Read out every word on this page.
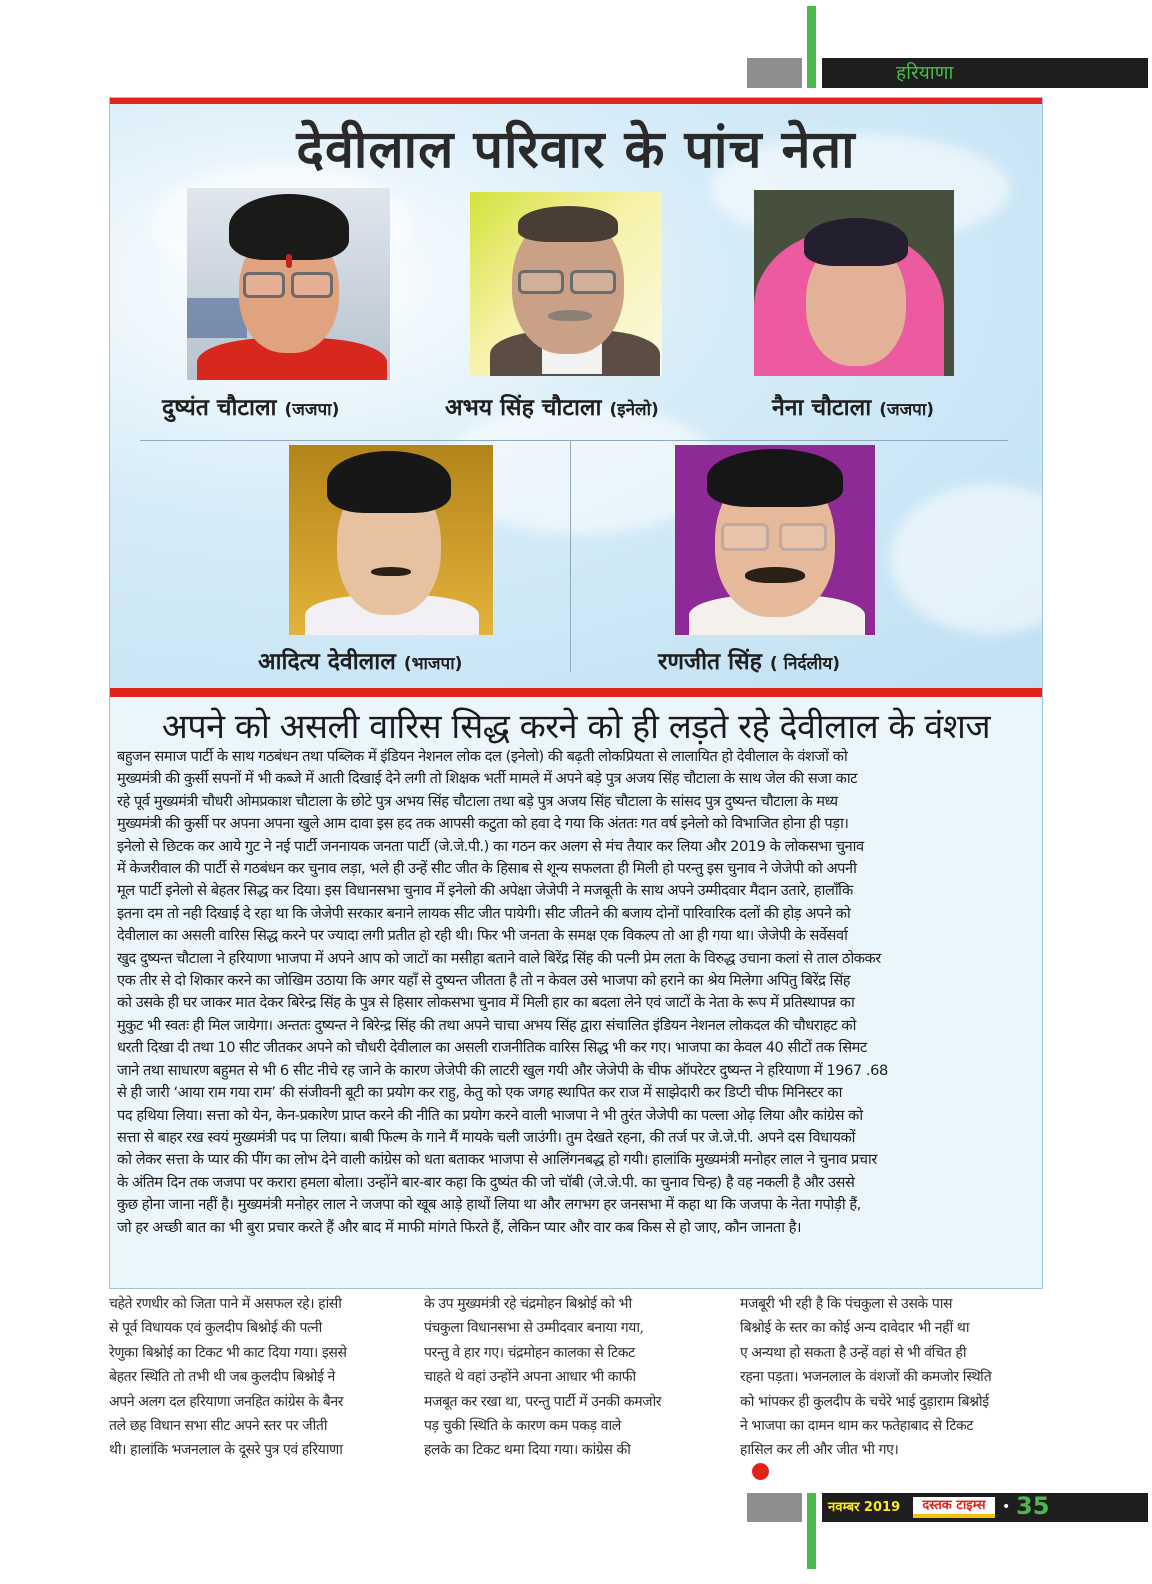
हरियाणा
देवीलाल परिवार के पांच नेता
दुष्यंत चौटाला (जजपा)	अभय सिंह चौटाला (इनेलो)	नैना चौटाला (जजपा)
आदित्य देवीलाल (भाजपा)	रणजीत सिंह ( निर्दलीय)
अपने को असली वारिस सिद्ध करने को ही लड़ते रहे देवीलाल के वंशज
बहुजन समाज पार्टी के साथ गठबंधन तथा पब्लिक में इंडियन नेशनल लोक दल (इनेलो) की बढ़ती लोकप्रियता से लालायित हो देवीलाल के वंशजों को
मुख्यमंत्री की कुर्सी सपनों में भी कब्जे में आती दिखाई देने लगी तो शिक्षक भर्ती मामले में अपने बड़े पुत्र अजय सिंह चौटाला के साथ जेल की सजा काट
रहे पूर्व मुख्यमंत्री चौधरी ओमप्रकाश चौटाला के छोटे पुत्र अभय सिंह चौटाला तथा बड़े पुत्र अजय सिंह चौटाला के सांसद पुत्र दुष्यन्त चौटाला के मध्य
मुख्यमंत्री की कुर्सी पर अपना अपना खुले आम दावा इस हद तक आपसी कटुता को हवा दे गया कि अंततः गत वर्ष इनेलो को विभाजित होना ही पड़ा।
इनेलो से छिटक कर आये गुट ने नई पार्टी जननायक जनता पार्टी (जे.जे.पी.) का गठन कर अलग से मंच तैयार कर लिया और 2019 के लोकसभा चुनाव
में केजरीवाल की पार्टी से गठबंधन कर चुनाव लड़ा, भले ही उन्हें सीट जीत के हिसाब से शून्य सफलता ही मिली हो परन्तु इस चुनाव ने जेजेपी को अपनी
मूल पार्टी इनेलो से बेहतर सिद्ध कर दिया। इस विधानसभा चुनाव में इनेलो की अपेक्षा जेजेपी ने मजबूती के साथ अपने उम्मीदवार मैदान उतारे, हालाँकि
इतना दम तो नही दिखाई दे रहा था कि जेजेपी सरकार बनाने लायक सीट जीत पायेगी। सीट जीतने की बजाय दोनों पारिवारिक दलों की होड़ अपने को
देवीलाल का असली वारिस सिद्ध करने पर ज्यादा लगी प्रतीत हो रही थी। फिर भी जनता के समक्ष एक विकल्प तो आ ही गया था। जेजेपी के सर्वेसर्वा
खुद दुष्यन्त चौटाला ने हरियाणा भाजपा में अपने आप को जाटों का मसीहा बताने वाले बिरेंद्र सिंह की पत्नी प्रेम लता के विरुद्ध उचाना कलां से ताल ठोककर
एक तीर से दो शिकार करने का जोखिम उठाया कि अगर यहाँ से दुष्यन्त जीतता है तो न केवल उसे भाजपा को हराने का श्रेय मिलेगा अपितु बिरेंद्र सिंह
को उसके ही घर जाकर मात देकर बिरेन्द्र सिंह के पुत्र से हिसार लोकसभा चुनाव में मिली हार का बदला लेने एवं जाटों के नेता के रूप में प्रतिस्थापन्न का
मुकुट भी स्वतः ही मिल जायेगा। अन्ततः दुष्यन्त ने बिरेन्द्र सिंह की तथा अपने चाचा अभय सिंह द्वारा संचालित इंडियन नेशनल लोकदल की चौधराहट को
धरती दिखा दी तथा 10 सीट जीतकर अपने को चौधरी देवीलाल का असली राजनीतिक वारिस सिद्ध भी कर गए। भाजपा का केवल 40 सीटों तक सिमट
जाने तथा साधारण बहुमत से भी 6 सीट नीचे रह जाने के कारण जेजेपी की लाटरी खुल गयी और जेजेपी के चीफ ऑपरेटर दुष्यन्त ने हरियाणा में 1967 .68
से ही जारी ‘आया राम गया राम’ की संजीवनी बूटी का प्रयोग कर राहु, केतु को एक जगह स्थापित कर राज में साझेदारी कर डिप्टी चीफ मिनिस्टर का
पद हथिया लिया। सत्ता को येन, केन-प्रकारेण प्राप्त करने की नीति का प्रयोग करने वाली भाजपा ने भी तुरंत जेजेपी का पल्ला ओढ़ लिया और कांग्रेस को
सत्ता से बाहर रख स्वयं मुख्यमंत्री पद पा लिया। बाबी फिल्म के गाने मैं मायके चली जाउंगी। तुम देखते रहना, की तर्ज पर जे.जे.पी. अपने दस विधायकों
को लेकर सत्ता के प्यार की पींग का लोभ देने वाली कांग्रेस को धता बताकर भाजपा से आलिंगनबद्ध हो गयी। हालांकि मुख्यमंत्री मनोहर लाल ने चुनाव प्रचार
के अंतिम दिन तक जजपा पर करारा हमला बोला। उन्होंने बार-बार कहा कि दुष्यंत की जो चॉबी (जे.जे.पी. का चुनाव चिन्ह) है वह नकली है और उससे
कुछ होना जाना नहीं है। मुख्यमंत्री मनोहर लाल ने जजपा को खूब आड़े हाथों लिया था और लगभग हर जनसभा में कहा था कि जजपा के नेता गपोड़ी हैं,
जो हर अच्छी बात का भी बुरा प्रचार करते हैं और बाद में माफी मांगते फिरते हैं, लेकिन प्यार और वार कब किस से हो जाए, कौन जानता है।
चहेते रणधीर को जिता पाने में असफल रहे। हांसी
से पूर्व विधायक एवं कुलदीप बिश्नोई की पत्नी
रेणुका बिश्नोई का टिकट भी काट दिया गया। इससे
बेहतर स्थिति तो तभी थी जब कुलदीप बिश्नोई ने
अपने अलग दल हरियाणा जनहित कांग्रेस के बैनर
तले छह विधान सभा सीट अपने स्तर पर जीती
थी। हालांकि भजनलाल के दूसरे पुत्र एवं हरियाणा
के उप मुख्यमंत्री रहे चंद्रमोहन बिश्नोई को भी
पंचकुला विधानसभा से उम्मीदवार बनाया गया,
परन्तु वे हार गए। चंद्रमोहन कालका से टिकट
चाहते थे वहां उन्होंने अपना आधार भी काफी
मजबूत कर रखा था, परन्तु पार्टी में उनकी कमजोर
पड़ चुकी स्थिति के कारण कम पकड़ वाले
हलके का टिकट थमा दिया गया। कांग्रेस की
मजबूरी भी रही है कि पंचकुला से उसके पास
बिश्नोई के स्तर का कोई अन्य दावेदार भी नहीं था
ए अन्यथा हो सकता है उन्हें वहां से भी वंचित ही
रहना पड़ता। भजनलाल के वंशजों की कमजोर स्थिति
को भांपकर ही कुलदीप के चचेरे भाई दुड़ाराम बिश्नोई
ने भाजपा का दामन थाम कर फतेहाबाद से टिकट
हासिल कर ली और जीत भी गए।
नवम्बर 2019	दस्तक टाइम्स	• 35
